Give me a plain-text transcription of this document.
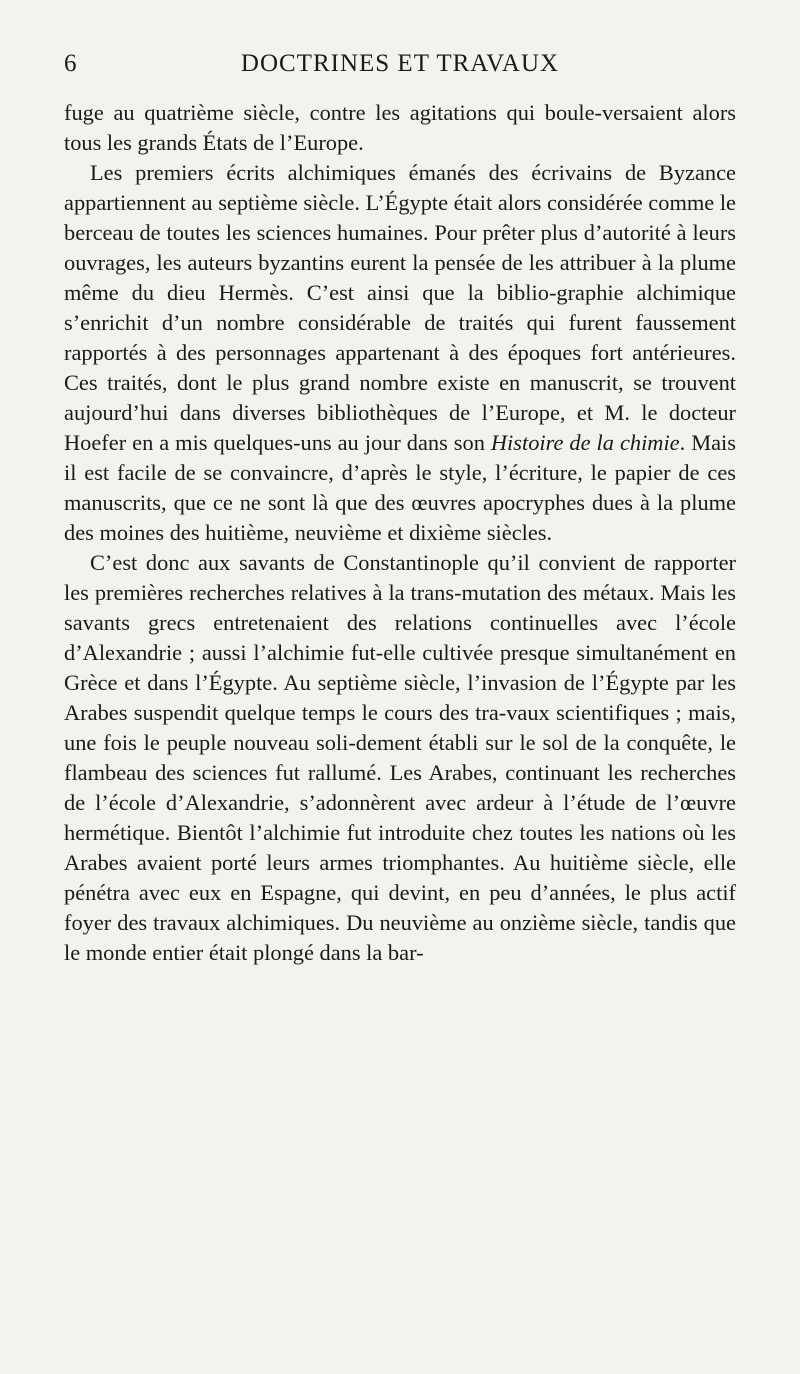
6	DOCTRINES ET TRAVAUX

fuge au quatrième siècle, contre les agitations qui boule-versaient alors tous les grands États de l’Europe.

Les premiers écrits alchimiques émanés des écrivains de Byzance appartiennent au septième siècle. L’Égypte était alors considérée comme le berceau de toutes les sciences humaines. Pour prêter plus d’autorité à leurs ouvrages, les auteurs byzantins eurent la pensée de les attribuer à la plume même du dieu Hermès. C’est ainsi que la biblio-graphie alchimique s’enrichit d’un nombre considérable de traités qui furent faussement rapportés à des personnages appartenant à des époques fort antérieures. Ces traités, dont le plus grand nombre existe en manuscrit, se trouvent aujourd’hui dans diverses bibliothèques de l’Europe, et M. le docteur Hoefer en a mis quelques-uns au jour dans son Histoire de la chimie. Mais il est facile de se convaincre, d’après le style, l’écriture, le papier de ces manuscrits, que ce ne sont là que des œuvres apocryphes dues à la plume des moines des huitième, neuvième et dixième siècles.

C’est donc aux savants de Constantinople qu’il convient de rapporter les premières recherches relatives à la trans-mutation des métaux. Mais les savants grecs entretenaient des relations continuelles avec l’école d’Alexandrie ; aussi l’alchimie fut-elle cultivée presque simultanément en Grèce et dans l’Égypte. Au septième siècle, l’invasion de l’Égypte par les Arabes suspendit quelque temps le cours des tra-vaux scientifiques ; mais, une fois le peuple nouveau soli-dement établi sur le sol de la conquête, le flambeau des sciences fut rallumé. Les Arabes, continuant les recherches de l’école d’Alexandrie, s’adonnèrent avec ardeur à l’étude de l’œuvre hermétique. Bientôt l’alchimie fut introduite chez toutes les nations où les Arabes avaient porté leurs armes triomphantes. Au huitième siècle, elle pénétra avec eux en Espagne, qui devint, en peu d’années, le plus actif foyer des travaux alchimiques. Du neuvième au onzième siècle, tandis que le monde entier était plongé dans la bar-
